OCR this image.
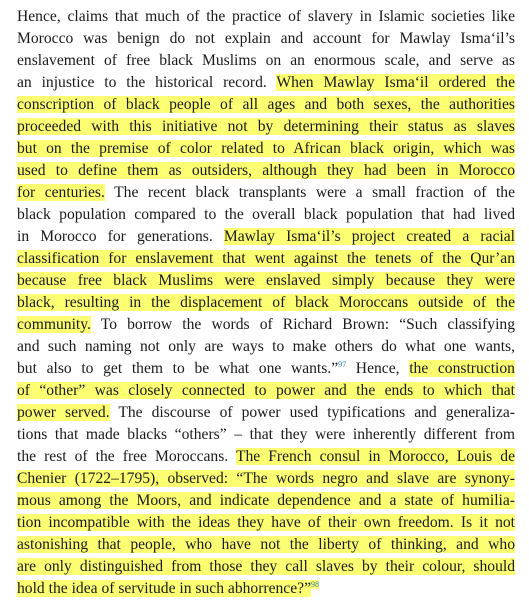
Hence, claims that much of the practice of slavery in Islamic societies like
Morocco was benign do not explain and account for Mawlay Isma‘il’s
enslavement of free black Muslims on an enormous scale, and serve as
an injustice to the historical record. When Mawlay Isma‘il ordered the
conscription of black people of all ages and both sexes, the authorities
proceeded with this initiative not by determining their status as slaves
but on the premise of color related to African black origin, which was
used to define them as outsiders, although they had been in Morocco
for centuries. The recent black transplants were a small fraction of the
black population compared to the overall black population that had lived
in Morocco for generations. Mawlay Isma‘il’s project created a racial
classification for enslavement that went against the tenets of the Qur’an
because free black Muslims were enslaved simply because they were
black, resulting in the displacement of black Moroccans outside of the
community. To borrow the words of Richard Brown: “Such classifying
and such naming not only are ways to make others do what one wants,
but also to get them to be what one wants.”$^{97}$ Hence, the construction
of “other” was closely connected to power and the ends to which that
power served. The discourse of power used typifications and generaliza-
tions that made blacks “others” – that they were inherently different from
the rest of the free Moroccans. The French consul in Morocco, Louis de
Chenier (1722–1795), observed: “The words negro and slave are synony-
mous among the Moors, and indicate dependence and a state of humilia-
tion incompatible with the ideas they have of their own freedom. Is it not
astonishing that people, who have not the liberty of thinking, and who
are only distinguished from those they call slaves by their colour, should
hold the idea of servitude in such abhorrence?”$^{98}$
